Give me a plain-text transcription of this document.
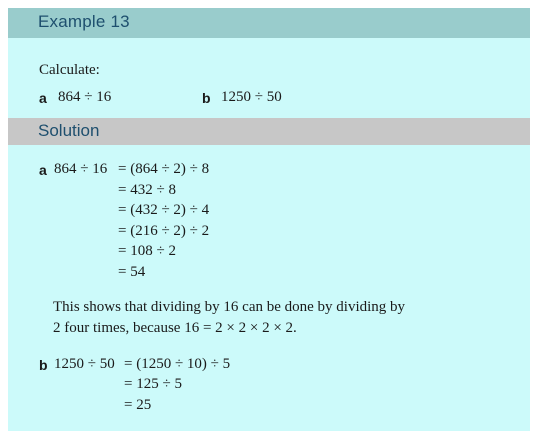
Example 13
Calculate:
a 864 ÷ 16	b 1250 ÷ 50
Solution
a 864 ÷ 16 = (864 ÷ 2) ÷ 8
= 432 ÷ 8
= (432 ÷ 2) ÷ 4
= (216 ÷ 2) ÷ 2
= 108 ÷ 2
= 54
This shows that dividing by 16 can be done by dividing by
2 four times, because 16 = 2 × 2 × 2 × 2.
b 1250 ÷ 50 = (1250 ÷ 10) ÷ 5
= 125 ÷ 5
= 25
